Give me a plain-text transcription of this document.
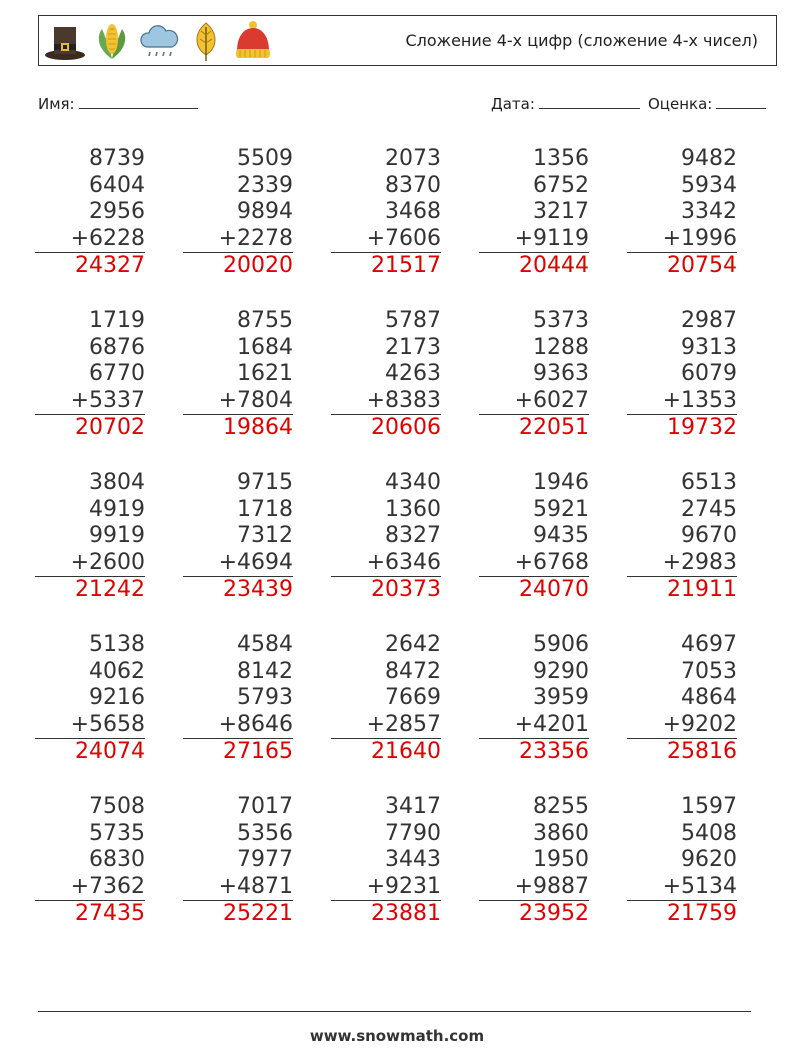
Сложение 4-х цифр (сложение 4-х чисел)
Имя:	Дата:	Оценка:
8739
6404
2956
+6228
24327
5509
2339
9894
+2278
20020
2073
8370
3468
+7606
21517
1356
6752
3217
+9119
20444
9482
5934
3342
+1996
20754
1719
6876
6770
+5337
20702
8755
1684
1621
+7804
19864
5787
2173
4263
+8383
20606
5373
1288
9363
+6027
22051
2987
9313
6079
+1353
19732
3804
4919
9919
+2600
21242
9715
1718
7312
+4694
23439
4340
1360
8327
+6346
20373
1946
5921
9435
+6768
24070
6513
2745
9670
+2983
21911
5138
4062
9216
+5658
24074
4584
8142
5793
+8646
27165
2642
8472
7669
+2857
21640
5906
9290
3959
+4201
23356
4697
7053
4864
+9202
25816
7508
5735
6830
+7362
27435
7017
5356
7977
+4871
25221
3417
7790
3443
+9231
23881
8255
3860
1950
+9887
23952
1597
5408
9620
+5134
21759
www.snowmath.com
